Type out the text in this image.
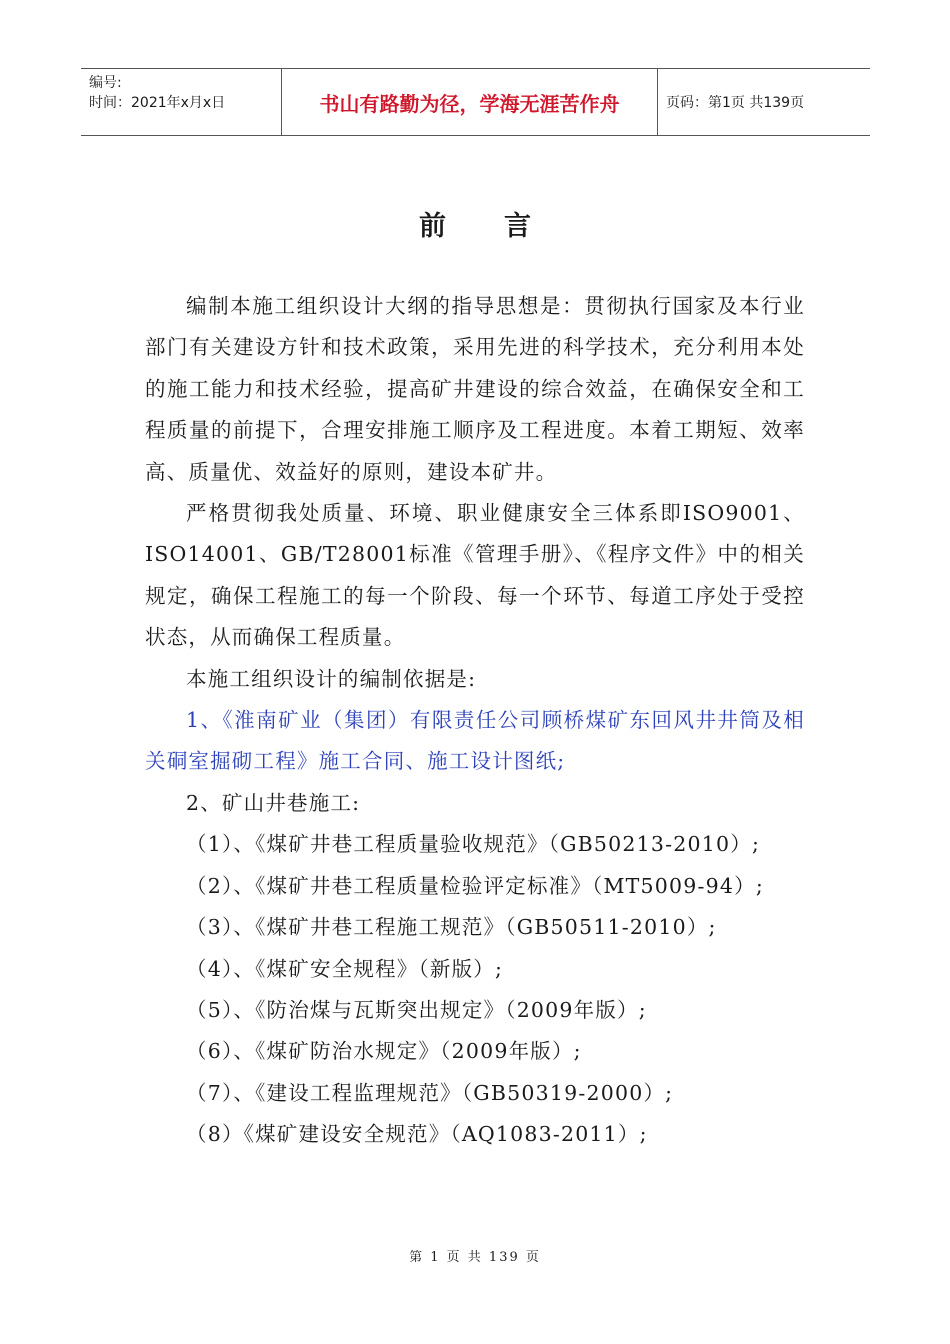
编号:
时间：2021年x月x日	书山有路勤为径，学海无涯苦作舟	页码：第1页 共139页
前言

编制本施工组织设计大纲的指导思想是：贯彻执行国家及本行业部门有关建设方针和技术政策，采用先进的科学技术，充分利用本处的施工能力和技术经验，提高矿井建设的综合效益，在确保安全和工程质量的前提下，合理安排施工顺序及工程进度。本着工期短、效率高、质量优、效益好的原则，建设本矿井。

严格贯彻我处质量、环境、职业健康安全三体系即ISO9001、ISO14001、GB/T28001标准《管理手册》、《程序文件》中的相关规定，确保工程施工的每一个阶段、每一个环节、每道工序处于受控状态，从而确保工程质量。

本施工组织设计的编制依据是:

1、《淮南矿业（集团）有限责任公司顾桥煤矿东回风井井筒及相关硐室掘砌工程》施工合同、施工设计图纸;

2、矿山井巷施工:

（1）、《煤矿井巷工程质量验收规范》（GB50213-2010）;

（2）、《煤矿井巷工程质量检验评定标准》（MT5009-94）;

（3）、《煤矿井巷工程施工规范》（GB50511-2010）;

（4）、《煤矿安全规程》（新版）;

（5）、《防治煤与瓦斯突出规定》（2009年版）;

（6）、《煤矿防治水规定》（2009年版）;

（7）、《建设工程监理规范》（GB50319-2000）;

（8）《煤矿建设安全规范》（AQ1083-2011）;

第 1 页 共 139 页
